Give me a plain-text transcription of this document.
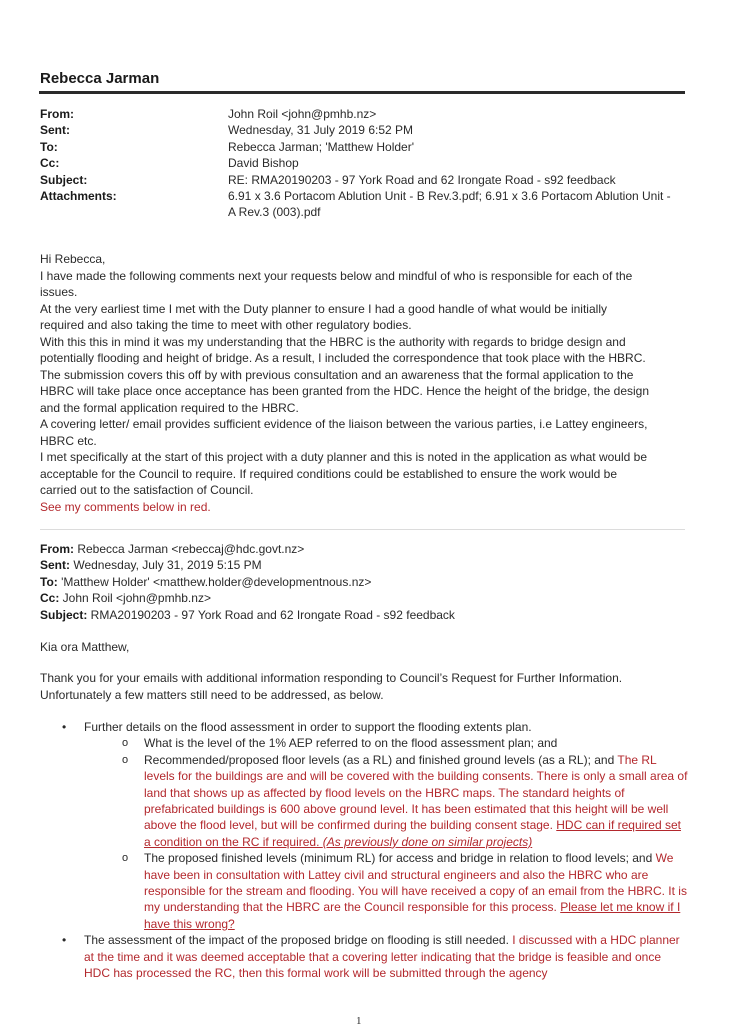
Rebecca Jarman
From:	John Roil <john@pmhb.nz>
Sent:	Wednesday, 31 July 2019 6:52 PM
To:	Rebecca Jarman; 'Matthew Holder'
Cc:	David Bishop
Subject:	RE: RMA20190203 - 97 York Road and 62 Irongate Road - s92 feedback
Attachments:	6.91 x 3.6 Portacom Ablution Unit - B Rev.3.pdf; 6.91 x 3.6 Portacom Ablution Unit -
A Rev.3 (003).pdf

Hi Rebecca,

I have made the following comments next your requests below and mindful of who is responsible for each of the

issues.

At the very earliest time I met with the Duty planner to ensure I had a good handle of what would be initially

required and also taking the time to meet with other regulatory bodies.

With this this in mind it was my understanding that the HBRC is the authority with regards to bridge design and

potentially flooding and height of bridge. As a result, I included the correspondence that took place with the HBRC.

The submission covers this off by with previous consultation and an awareness that the formal application to the

HBRC will take place once acceptance has been granted from the HDC. Hence the height of the bridge, the design

and the formal application required to the HBRC.

A covering letter/ email provides sufficient evidence of the liaison between the various parties, i.e Lattey engineers,

HBRC etc.

I met specifically at the start of this project with a duty planner and this is noted in the application as what would be

acceptable for the Council to require. If required conditions could be established to ensure the work would be

carried out to the satisfaction of Council.

See my comments below in red.

From: Rebecca Jarman <rebeccaj@hdc.govt.nz>

Sent: Wednesday, July 31, 2019 5:15 PM

To: 'Matthew Holder' <matthew.holder@developmentnous.nz>

Cc: John Roil <john@pmhb.nz>

Subject: RMA20190203 - 97 York Road and 62 Irongate Road - s92 feedback

Kia ora Matthew,

Thank you for your emails with additional information responding to Council’s Request for Further Information.

Unfortunately a few matters still need to be addressed, as below.

• Further details on the flood assessment in order to support the flooding extents plan.
o What is the level of the 1% AEP referred to on the flood assessment plan; and
o Recommended/proposed floor levels (as a RL) and finished ground levels (as a RL); and The RL levels for the buildings are and will be covered with the building consents. There is only a small area of land that shows up as affected by flood levels on the HBRC maps. The standard heights of prefabricated buildings is 600 above ground level. It has been estimated that this height will be well above the flood level, but will be confirmed during the building consent stage. HDC can if required set a condition on the RC if required. (As previously done on similar projects)
o The proposed finished levels (minimum RL) for access and bridge in relation to flood levels; and We have been in consultation with Lattey civil and structural engineers and also the HBRC who are responsible for the stream and flooding. You will have received a copy of an email from the HBRC. It is my understanding that the HBRC are the Council responsible for this process. Please let me know if I have this wrong?
• The assessment of the impact of the proposed bridge on flooding is still needed. I discussed with a HDC planner at the time and it was deemed acceptable that a covering letter indicating that the bridge is feasible and once HDC has processed the RC, then this formal work will be submitted through the agency
1
